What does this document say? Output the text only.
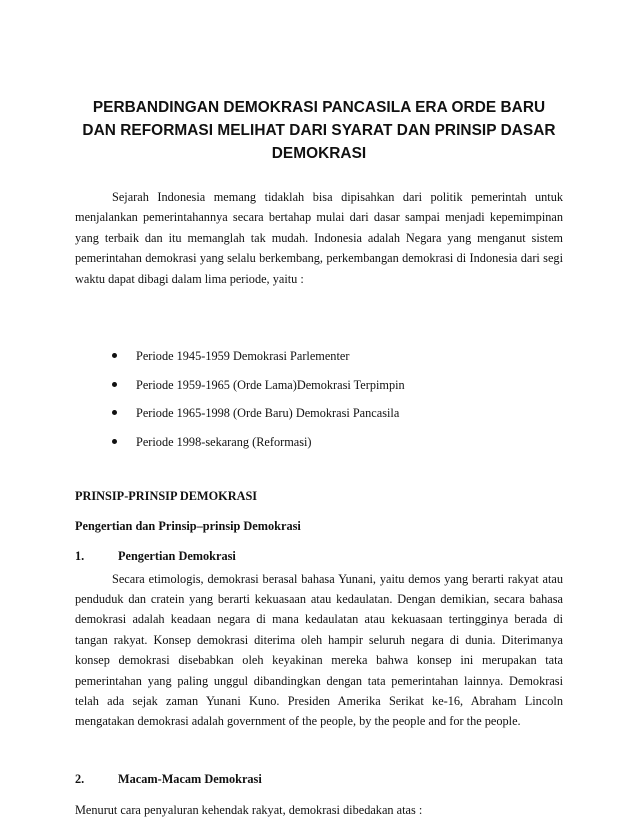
PERBANDINGAN DEMOKRASI PANCASILA ERA ORDE BARU
DAN REFORMASI MELIHAT DARI SYARAT DAN PRINSIP DASAR
DEMOKRASI

Sejarah Indonesia memang tidaklah bisa dipisahkan dari politik pemerintah untuk menjalankan pemerintahannya secara bertahap mulai dari dasar sampai menjadi kepemimpinan yang terbaik dan itu memanglah tak mudah. Indonesia adalah Negara yang menganut sistem pemerintahan demokrasi yang selalu berkembang, perkembangan demokrasi di Indonesia dari segi waktu dapat dibagi dalam lima periode, yaitu :

Periode 1945-1959 Demokrasi Parlementer
Periode 1959-1965 (Orde Lama)Demokrasi Terpimpin
Periode 1965-1998 (Orde Baru) Demokrasi Pancasila
Periode 1998-sekarang (Reformasi)

PRINSIP-PRINSIP DEMOKRASI

Pengertian dan Prinsip–prinsip Demokrasi

1.	Pengertian Demokrasi

Secara etimologis, demokrasi berasal bahasa Yunani, yaitu demos yang berarti rakyat atau penduduk dan cratein yang berarti kekuasaan atau kedaulatan. Dengan demikian, secara bahasa demokrasi adalah keadaan negara di mana kedaulatan atau kekuasaan tertingginya berada di tangan rakyat. Konsep demokrasi diterima oleh hampir seluruh negara di dunia. Diterimanya konsep demokrasi disebabkan oleh keyakinan mereka bahwa konsep ini merupakan tata pemerintahan yang paling unggul dibandingkan dengan tata pemerintahan lainnya. Demokrasi telah ada sejak zaman Yunani Kuno. Presiden Amerika Serikat ke-16, Abraham Lincoln mengatakan demokrasi adalah government of the people, by the people and for the people.

2.	Macam-Macam Demokrasi

Menurut cara penyaluran kehendak rakyat, demokrasi dibedakan atas :
